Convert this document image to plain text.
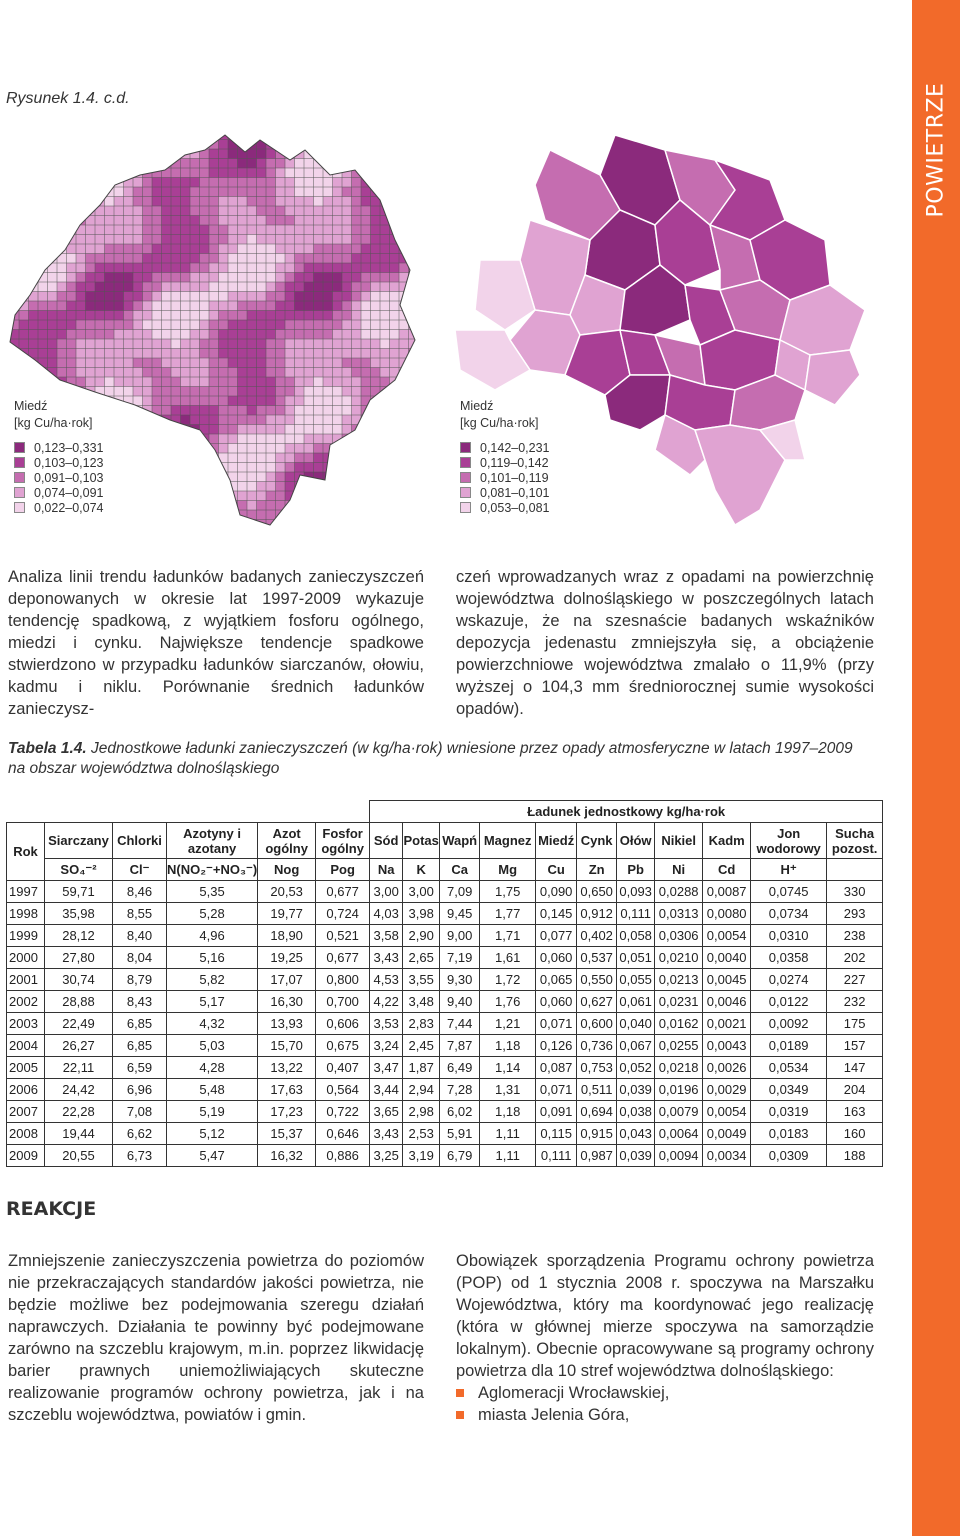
POWIETRZE
Rysunek 1.4. c.d.
Miedź
[kg Cu/ha·rok]
0,123–0,331
0,103–0,123
0,091–0,103
0,074–0,091
0,022–0,074
Miedź
[kg Cu/ha·rok]
0,142–0,231
0,119–0,142
0,101–0,119
0,081–0,101
0,053–0,081
Analiza linii trendu ładunków badanych zanieczyszczeń deponowanych w okresie lat 1997-2009 wykazuje tendencję spadkową, z wyjątkiem fosforu ogólnego, miedzi i cynku. Największe tendencje spadkowe stwierdzono w przypadku ładunków siarczanów, ołowiu, kadmu i niklu. Porównanie średnich ładunków zanieczysz-
czeń wprowadzanych wraz z opadami na powierzchnię województwa dolnośląskiego w poszczególnych latach wskazuje, że na szesnaście badanych wskaźników depozycja jedenastu zmniejszyła się, a obciążenie powierzchniowe województwa zmalało o 11,9% (przy wyższej o 104,3 mm średniorocznej sumie wysokości opadów).
Tabela 1.4. Jednostkowe ładunki zanieczyszczeń (w kg/ha·rok) wniesione przez opady atmosferyczne w latach 1997–2009 na obszar województwa dolnośląskiego
						Ładunek jednostkowy kg/ha·rok										
Rok	Siarczany	Chlorki	Azotyny i azotany	Azot ogólny	Fosfor ogólny	Sód	Potas	Wapń	Magnez	Miedź	Cynk	Ołów	Nikiel	Kadm	Jon wodorowy	Sucha pozost.
	SO₄⁻²	Cl⁻	N(NO₂⁻+NO₃⁻)	Nog	Pog	Na	K	Ca	Mg	Cu	Zn	Pb	Ni	Cd	H⁺	
1997	59,71	8,46	5,35	20,53	0,677	3,00	3,00	7,09	1,75	0,090	0,650	0,093	0,0288	0,0087	0,0745	330
1998	35,98	8,55	5,28	19,77	0,724	4,03	3,98	9,45	1,77	0,145	0,912	0,111	0,0313	0,0080	0,0734	293
1999	28,12	8,40	4,96	18,90	0,521	3,58	2,90	9,00	1,71	0,077	0,402	0,058	0,0306	0,0054	0,0310	238
2000	27,80	8,04	5,16	19,25	0,677	3,43	2,65	7,19	1,61	0,060	0,537	0,051	0,0210	0,0040	0,0358	202
2001	30,74	8,79	5,82	17,07	0,800	4,53	3,55	9,30	1,72	0,065	0,550	0,055	0,0213	0,0045	0,0274	227
2002	28,88	8,43	5,17	16,30	0,700	4,22	3,48	9,40	1,76	0,060	0,627	0,061	0,0231	0,0046	0,0122	232
2003	22,49	6,85	4,32	13,93	0,606	3,53	2,83	7,44	1,21	0,071	0,600	0,040	0,0162	0,0021	0,0092	175
2004	26,27	6,85	5,03	15,70	0,675	3,24	2,45	7,87	1,18	0,126	0,736	0,067	0,0255	0,0043	0,0189	157
2005	22,11	6,59	4,28	13,22	0,407	3,47	1,87	6,49	1,14	0,087	0,753	0,052	0,0218	0,0026	0,0534	147
2006	24,42	6,96	5,48	17,63	0,564	3,44	2,94	7,28	1,31	0,071	0,511	0,039	0,0196	0,0029	0,0349	204
2007	22,28	7,08	5,19	17,23	0,722	3,65	2,98	6,02	1,18	0,091	0,694	0,038	0,0079	0,0054	0,0319	163
2008	19,44	6,62	5,12	15,37	0,646	3,43	2,53	5,91	1,11	0,115	0,915	0,043	0,0064	0,0049	0,0183	160
2009	20,55	6,73	5,47	16,32	0,886	3,25	3,19	6,79	1,11	0,111	0,987	0,039	0,0094	0,0034	0,0309	188
REAKCJE
Zmniejszenie zanieczyszczenia powietrza do poziomów nie przekraczających standardów jakości powietrza, nie będzie możliwe bez podejmowania szeregu działań naprawczych. Działania te powinny być podejmowane zarówno na szczeblu krajowym, m.in. poprzez likwidację barier prawnych uniemożliwiających skuteczne realizowanie programów ochrony powietrza, jak i na szczeblu województwa, powiatów i gmin.
Obowiązek sporządzenia Programu ochrony powietrza (POP) od 1 stycznia 2008 r. spoczywa na Marszałku Województwa, który ma koordynować jego realizację (która w głównej mierze spoczywa na samorządzie lokalnym). Obecnie opracowywane są programy ochrony powietrza dla 10 stref województwa dolnośląskiego:
Aglomeracji Wrocławskiej,
miasta Jelenia Góra,
